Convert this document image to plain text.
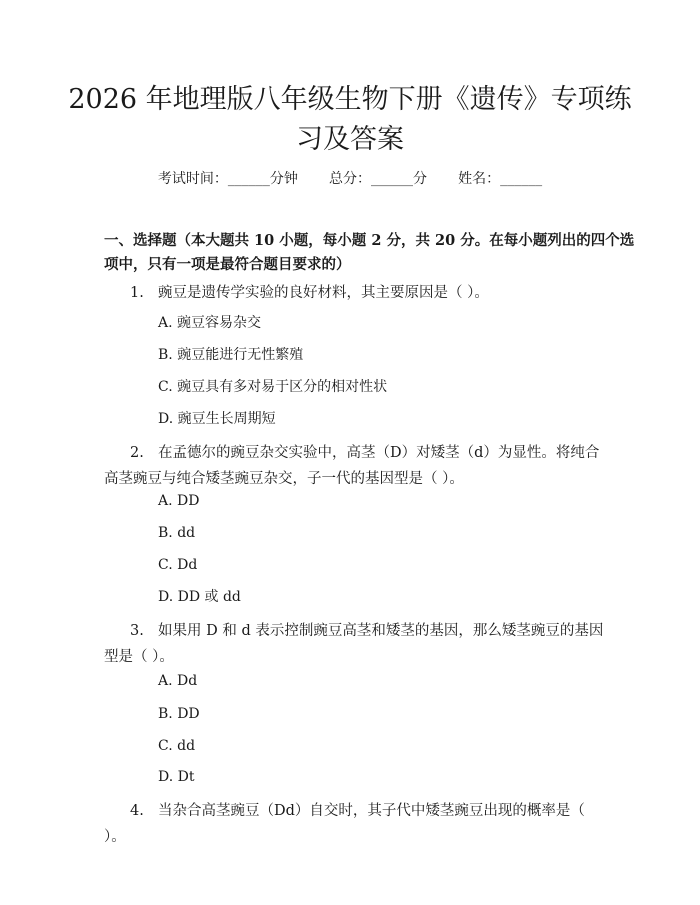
2026 年地理版八年级生物下册《遗传》专项练习及答案
考试时间：______分钟 总分：______分 姓名：______
一、选择题（本大题共 10 小题，每小题 2 分，共 20 分。在每小题列出的四个选项中，只有一项是最符合题目要求的）
1. 豌豆是遗传学实验的良好材料，其主要原因是（ ）。
A. 豌豆容易杂交
B. 豌豆能进行无性繁殖
C. 豌豆具有多对易于区分的相对性状
D. 豌豆生长周期短
2. 在孟德尔的豌豆杂交实验中，高茎（D）对矮茎（d）为显性。将纯合高茎豌豆与纯合矮茎豌豆杂交，子一代的基因型是（ ）。
A. DD
B. dd
C. Dd
D. DD 或 dd
3. 如果用 D 和 d 表示控制豌豆高茎和矮茎的基因，那么矮茎豌豆的基因型是（ ）。
A. Dd
B. DD
C. dd
D. Dt
4. 当杂合高茎豌豆（Dd）自交时，其子代中矮茎豌豆出现的概率是（ ）。
